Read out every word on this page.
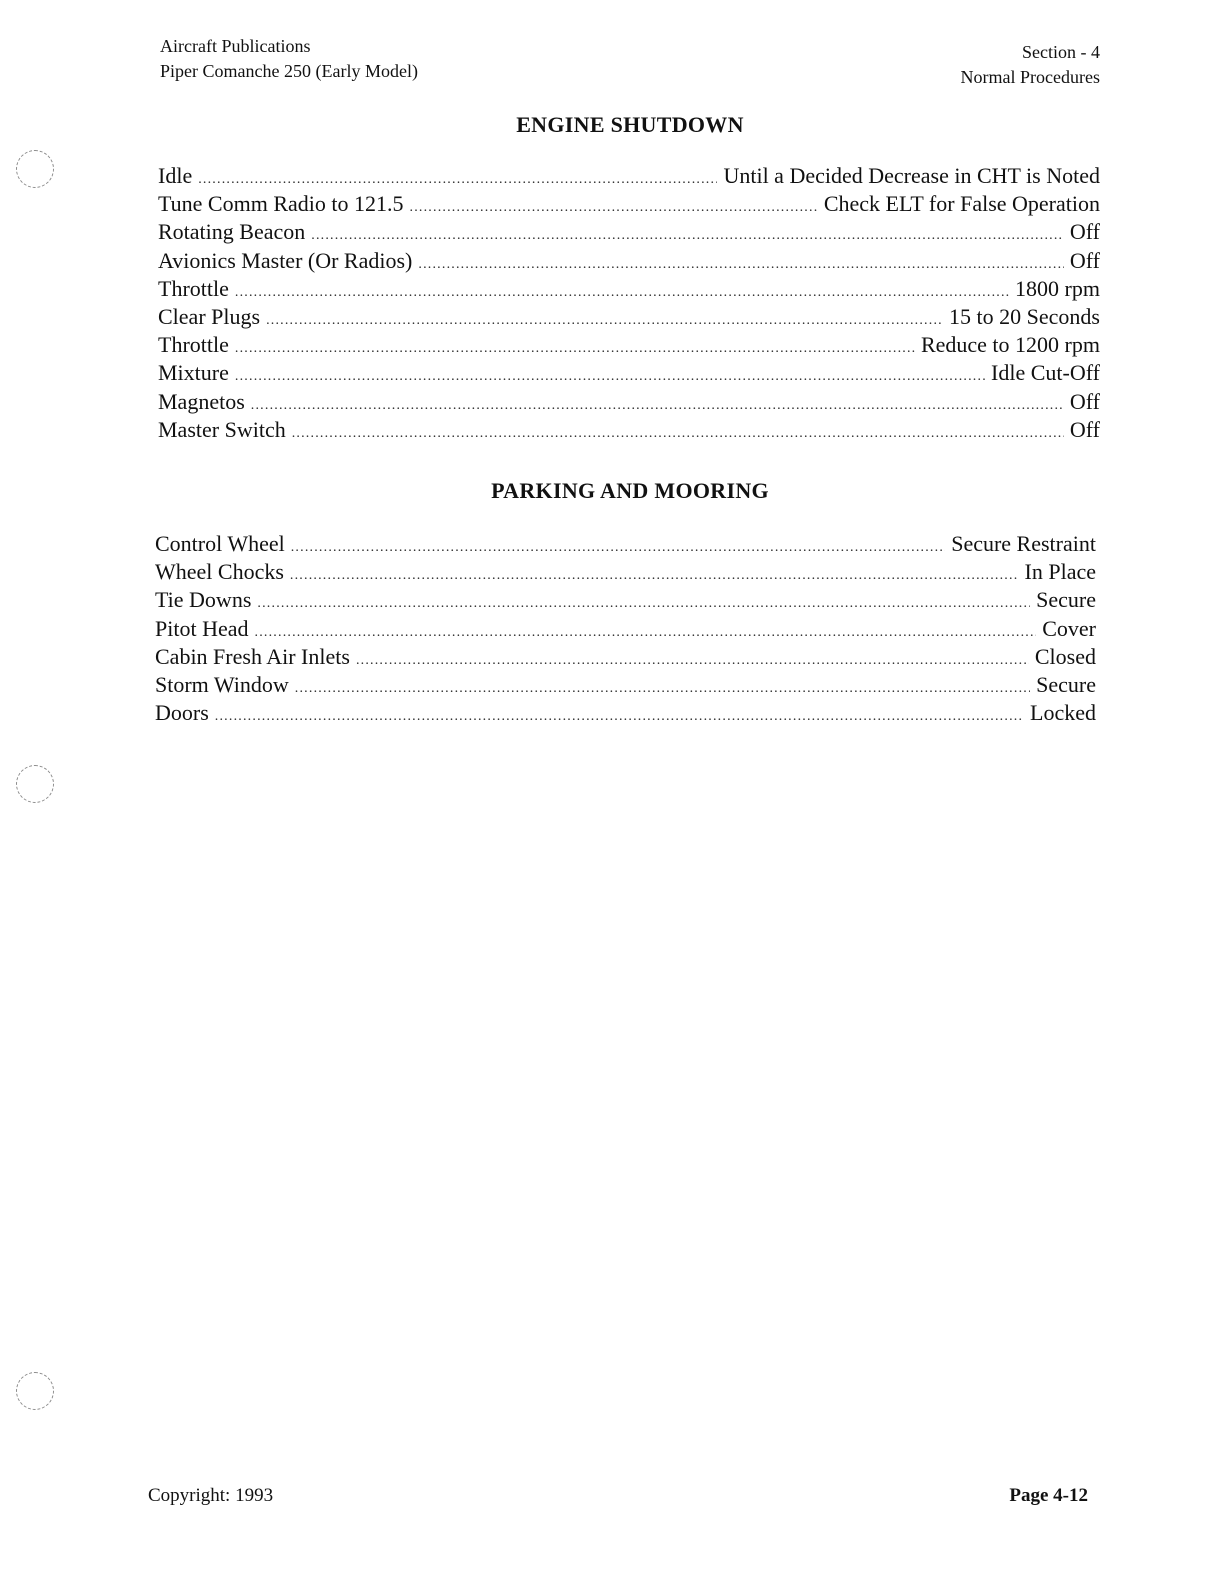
Aircraft Publications
Piper Comanche 250 (Early Model)
Section - 4
Normal Procedures
ENGINE SHUTDOWN
Idle .....	Until a Decided Decrease in CHT is Noted
Tune Comm Radio to 121.5 .....	Check ELT for False Operation
Rotating Beacon .....	Off
Avionics Master (Or Radios) .....	Off
Throttle .....	1800 rpm
Clear Plugs .....	15 to 20 Seconds
Throttle .....	Reduce to 1200 rpm
Mixture .....	Idle Cut-Off
Magnetos .....	Off
Master Switch .....	Off
PARKING AND MOORING
Control Wheel .....	Secure Restraint
Wheel Chocks .....	In Place
Tie Downs .....	Secure
Pitot Head .....	Cover
Cabin Fresh Air Inlets .....	Closed
Storm Window .....	Secure
Doors .....	Locked
Copyright: 1993	Page 4-12
